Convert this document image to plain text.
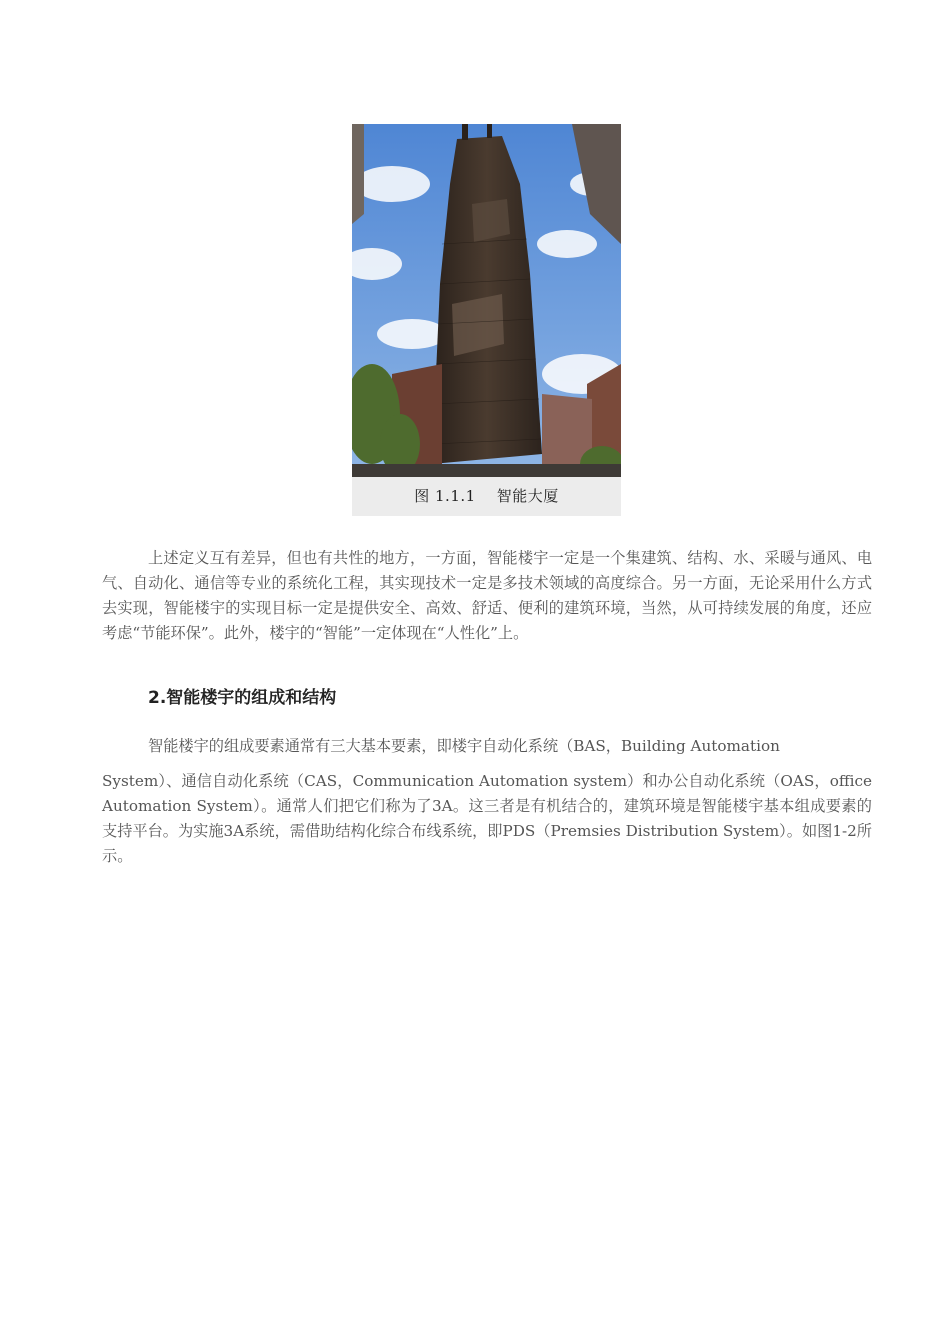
图 1.1.1 智能大厦

上述定义互有差异，但也有共性的地方，一方面，智能楼宇一定是一个集建筑、结构、水、采暖与通风、电气、自动化、通信等专业的系统化工程，其实现技术一定是多技术领域的高度综合。另一方面，无论采用什么方式去实现，智能楼宇的实现目标一定是提供安全、高效、舒适、便利的建筑环境，当然，从可持续发展的角度，还应考虑“节能环保”。此外，楼宇的“智能”一定体现在“人性化”上。

2.智能楼宇的组成和结构

智能楼宇的组成要素通常有三大基本要素，即楼宇自动化系统（BAS，Building Automation
System）、通信自动化系统（CAS，Communication Automation system）和办公自动化系统（OAS，office Automation System）。通常人们把它们称为了3A。这三者是有机结合的，建筑环境是智能楼宇基本组成要素的支持平台。为实施3A系统，需借助结构化综合布线系统，即PDS（Premsies Distribution System）。如图1-2所示。
